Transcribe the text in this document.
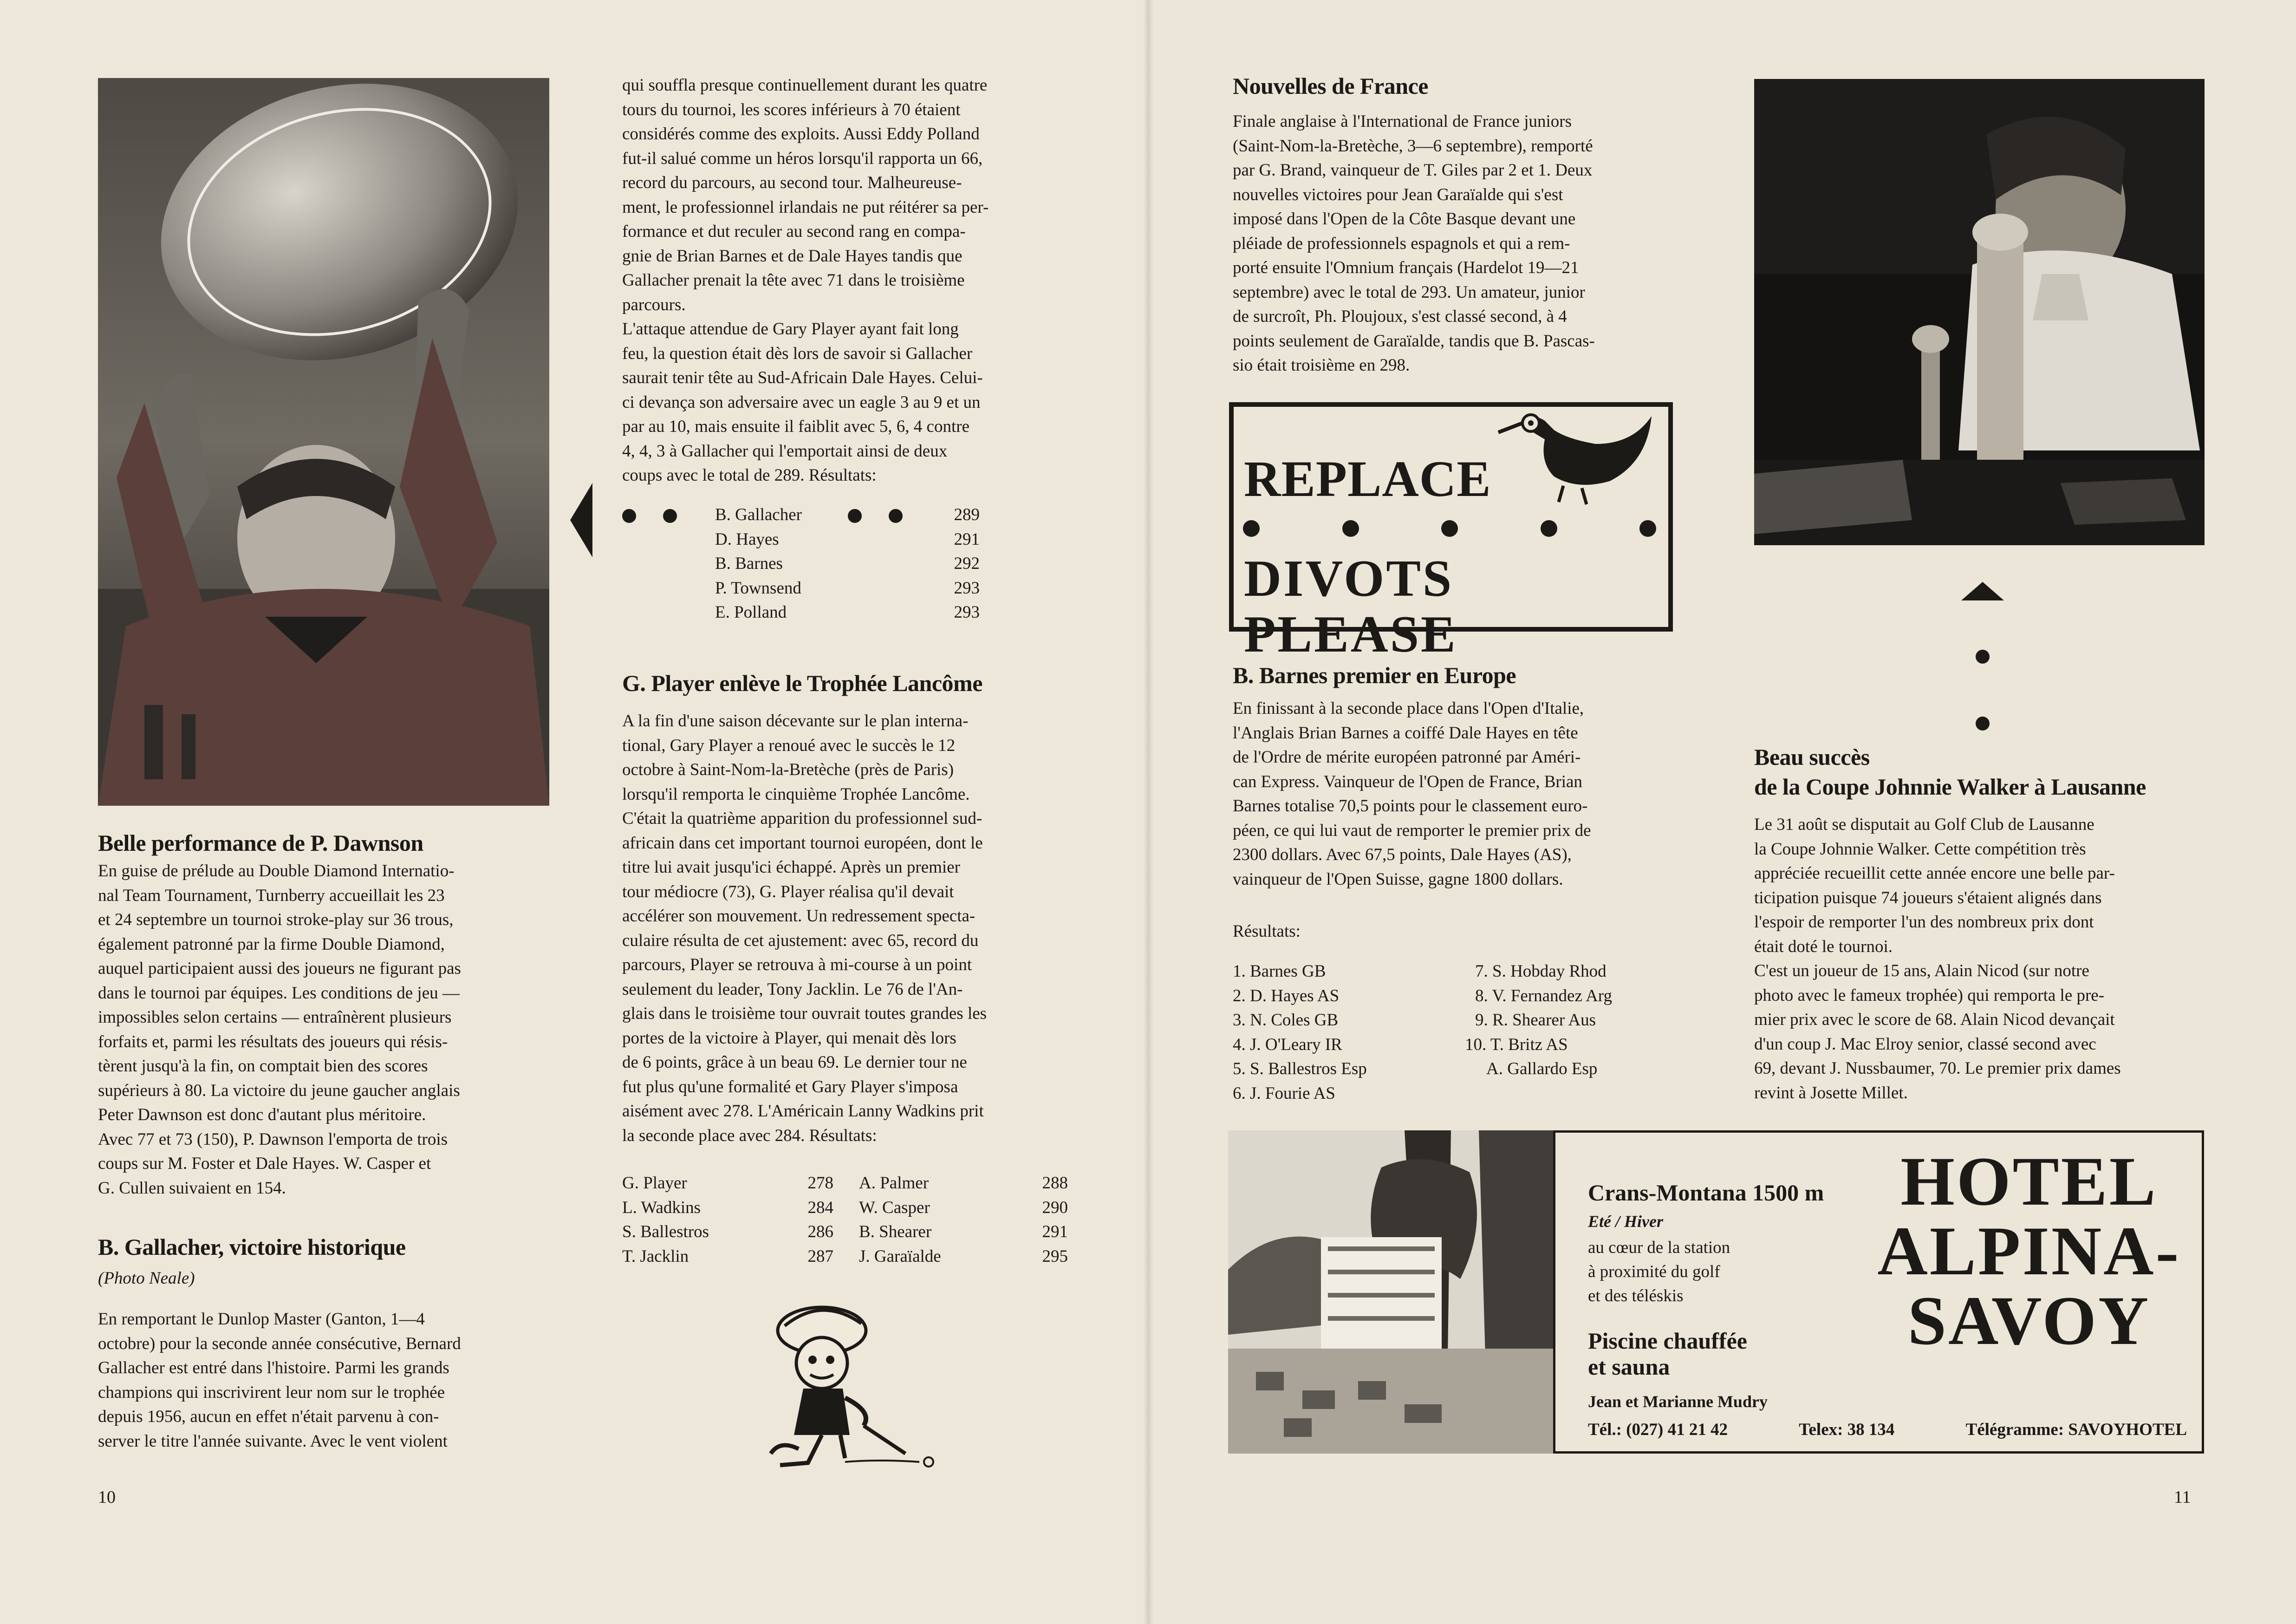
Belle performance de P. Dawnson

En guise de prélude au Double Diamond Internatio-

nal Team Tournament, Turnberry accueillait les 23

et 24 septembre un tournoi stroke-play sur 36 trous,

également patronné par la firme Double Diamond,

auquel participaient aussi des joueurs ne figurant pas

dans le tournoi par équipes. Les conditions de jeu —

impossibles selon certains — entraînèrent plusieurs

forfaits et, parmi les résultats des joueurs qui résis-

tèrent jusqu'à la fin, on comptait bien des scores

supérieurs à 80. La victoire du jeune gaucher anglais

Peter Dawnson est donc d'autant plus méritoire.

Avec 77 et 73 (150), P. Dawnson l'emporta de trois

coups sur M. Foster et Dale Hayes. W. Casper et

G. Cullen suivaient en 154.

B. Gallacher, victoire historique
(Photo Neale)

En remportant le Dunlop Master (Ganton, 1—4

octobre) pour la seconde année consécutive, Bernard

Gallacher est entré dans l'histoire. Parmi les grands

champions qui inscrivirent leur nom sur le trophée

depuis 1956, aucun en effet n'était parvenu à con-

server le titre l'année suivante. Avec le vent violent

qui souffla presque continuellement durant les quatre

tours du tournoi, les scores inférieurs à 70 étaient

considérés comme des exploits. Aussi Eddy Polland

fut-il salué comme un héros lorsqu'il rapporta un 66,

record du parcours, au second tour. Malheureuse-

ment, le professionnel irlandais ne put réitérer sa per-

formance et dut reculer au second rang en compa-

gnie de Brian Barnes et de Dale Hayes tandis que

Gallacher prenait la tête avec 71 dans le troisième

parcours.

L'attaque attendue de Gary Player ayant fait long

feu, la question était dès lors de savoir si Gallacher

saurait tenir tête au Sud-Africain Dale Hayes. Celui-

ci devança son adversaire avec un eagle 3 au 9 et un

par au 10, mais ensuite il faiblit avec 5, 6, 4 contre

4, 4, 3 à Gallacher qui l'emportait ainsi de deux

coups avec le total de 289. Résultats:

B. Gallacher	289
D. Hayes	291
B. Barnes	292
P. Townsend	293
E. Polland	293
G. Player enlève le Trophée Lancôme

A la fin d'une saison décevante sur le plan interna-

tional, Gary Player a renoué avec le succès le 12

octobre à Saint-Nom-la-Bretèche (près de Paris)

lorsqu'il remporta le cinquième Trophée Lancôme.

C'était la quatrième apparition du professionnel sud-

africain dans cet important tournoi européen, dont le

titre lui avait jusqu'ici échappé. Après un premier

tour médiocre (73), G. Player réalisa qu'il devait

accélérer son mouvement. Un redressement specta-

culaire résulta de cet ajustement: avec 65, record du

parcours, Player se retrouva à mi-course à un point

seulement du leader, Tony Jacklin. Le 76 de l'An-

glais dans le troisième tour ouvrait toutes grandes les

portes de la victoire à Player, qui menait dès lors

de 6 points, grâce à un beau 69. Le dernier tour ne

fut plus qu'une formalité et Gary Player s'imposa

aisément avec 278. L'Américain Lanny Wadkins prit

la seconde place avec 284. Résultats:

G. Player	278
L. Wadkins	284
S. Ballestros	286
T. Jacklin	287
A. Palmer	288
W. Casper	290
B. Shearer	291
J. Garaïalde	295
10
Nouvelles de France

Finale anglaise à l'International de France juniors

(Saint-Nom-la-Bretèche, 3—6 septembre), remporté

par G. Brand, vainqueur de T. Giles par 2 et 1. Deux

nouvelles victoires pour Jean Garaïalde qui s'est

imposé dans l'Open de la Côte Basque devant une

pléiade de professionnels espagnols et qui a rem-

porté ensuite l'Omnium français (Hardelot 19—21

septembre) avec le total de 293. Un amateur, junior

de surcroît, Ph. Ploujoux, s'est classé second, à 4

points seulement de Garaïalde, tandis que B. Pascas-

sio était troisième en 298.

REPLACE
DIVOTS PLEASE
B. Barnes premier en Europe

En finissant à la seconde place dans l'Open d'Italie,

l'Anglais Brian Barnes a coiffé Dale Hayes en tête

de l'Ordre de mérite européen patronné par Améri-

can Express. Vainqueur de l'Open de France, Brian

Barnes totalise 70,5 points pour le classement euro-

péen, ce qui lui vaut de remporter le premier prix de

2300 dollars. Avec 67,5 points, Dale Hayes (AS),

vainqueur de l'Open Suisse, gagne 1800 dollars.

Résultats:
1. Barnes GB
2. D. Hayes AS
3. N. Coles GB
4. J. O'Leary IR
5. S. Ballestros Esp
6. J. Fourie AS
7. S. Hobday Rhod
8. V. Fernandez Arg
9. R. Shearer Aus
10. T. Britz AS
A. Gallardo Esp
Beau succès
de la Coupe Johnnie Walker à Lausanne

Le 31 août se disputait au Golf Club de Lausanne

la Coupe Johnnie Walker. Cette compétition très

appréciée recueillit cette année encore une belle par-

ticipation puisque 74 joueurs s'étaient alignés dans

l'espoir de remporter l'un des nombreux prix dont

était doté le tournoi.

C'est un joueur de 15 ans, Alain Nicod (sur notre

photo avec le fameux trophée) qui remporta le pre-

mier prix avec le score de 68. Alain Nicod devançait

d'un coup J. Mac Elroy senior, classé second avec

69, devant J. Nussbaumer, 70. Le premier prix dames

revint à Josette Millet.

Crans-Montana 1500 m
Eté / Hiver
au cœur de la station
à proximité du golf
et des téléskis
Piscine chauffée
et sauna
Jean et Marianne Mudry
HOTEL
ALPINA-
SAVOY
Tél.: (027) 41 21 42	Telex: 38 134	Télégramme: SAVOYHOTEL
11
